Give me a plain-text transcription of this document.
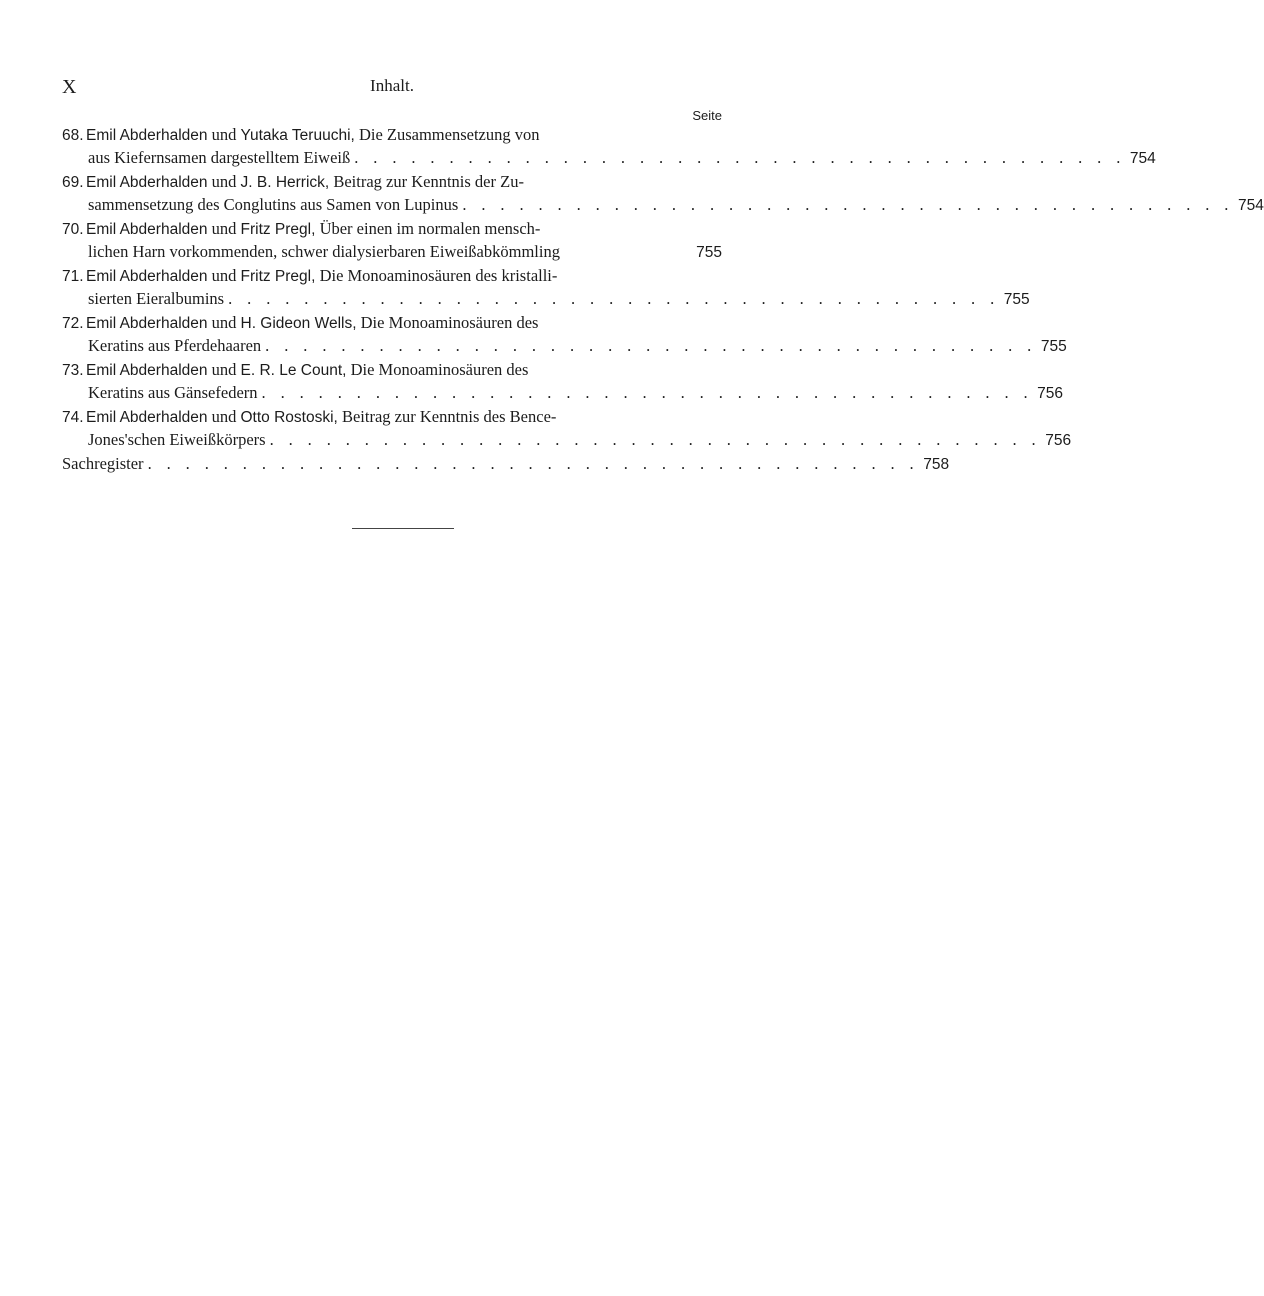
X	Inhalt.
Seite
68. Emil Abderhalden und Yutaka Teruuchi, Die Zusammensetzung von
aus Kiefernsamen dargestelltem Eiweiß . . . . . . . . . . . . . . . . . . . . . . . . . . . . . . . . . . . . . . . . . 754
69. Emil Abderhalden und J. B. Herrick, Beitrag zur Kenntnis der Zu-
sammensetzung des Conglutins aus Samen von Lupinus . . . . . . . . . . . . . . . . . . . . . . . . . . . . . . . . . . . . . . . . . 754
70. Emil Abderhalden und Fritz Pregl, Über einen im normalen mensch-
lichen Harn vorkommenden, schwer dialysierbaren Eiweißabkömmling	755
71. Emil Abderhalden und Fritz Pregl, Die Monoaminosäuren des kristalli-
sierten Eieralbumins . . . . . . . . . . . . . . . . . . . . . . . . . . . . . . . . . . . . . . . . . 755
72. Emil Abderhalden und H. Gideon Wells, Die Monoaminosäuren des
Keratins aus Pferdehaaren . . . . . . . . . . . . . . . . . . . . . . . . . . . . . . . . . . . . . . . . . 755
73. Emil Abderhalden und E. R. Le Count, Die Monoaminosäuren des
Keratins aus Gänsefedern . . . . . . . . . . . . . . . . . . . . . . . . . . . . . . . . . . . . . . . . . 756
74. Emil Abderhalden und Otto Rostoski, Beitrag zur Kenntnis des Bence-
Jones'schen Eiweißkörpers . . . . . . . . . . . . . . . . . . . . . . . . . . . . . . . . . . . . . . . . . 756
Sachregister . . . . . . . . . . . . . . . . . . . . . . . . . . . . . . . . . . . . . . . . . 758
